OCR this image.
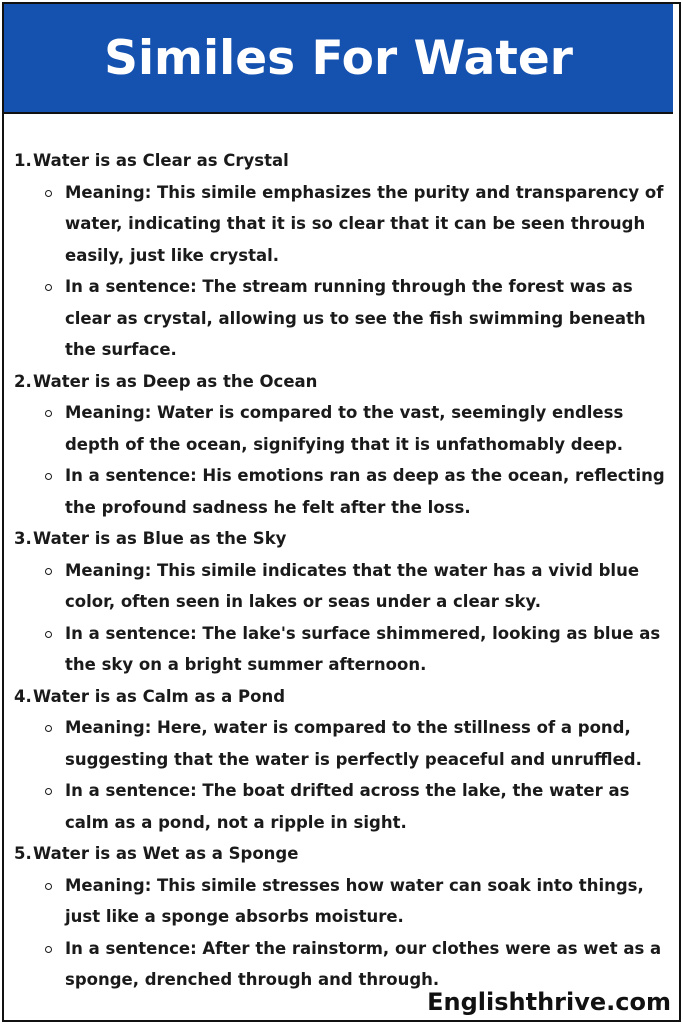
Similes For Water
1. Water is as Clear as Crystal

Meaning: This simile emphasizes the purity and transparency of water, indicating that it is so clear that it can be seen through easily, just like crystal.

In a sentence: The stream running through the forest was as clear as crystal, allowing us to see the fish swimming beneath the surface.

2. Water is as Deep as the Ocean

Meaning: Water is compared to the vast, seemingly endless depth of the ocean, signifying that it is unfathomably deep.

In a sentence: His emotions ran as deep as the ocean, reflecting the profound sadness he felt after the loss.

3. Water is as Blue as the Sky

Meaning: This simile indicates that the water has a vivid blue color, often seen in lakes or seas under a clear sky.

In a sentence: The lake's surface shimmered, looking as blue as the sky on a bright summer afternoon.

4. Water is as Calm as a Pond

Meaning: Here, water is compared to the stillness of a pond, suggesting that the water is perfectly peaceful and unruffled.

In a sentence: The boat drifted across the lake, the water as calm as a pond, not a ripple in sight.

5. Water is as Wet as a Sponge

Meaning: This simile stresses how water can soak into things, just like a sponge absorbs moisture.

In a sentence: After the rainstorm, our clothes were as wet as a sponge, drenched through and through.

Englishthrive.com
